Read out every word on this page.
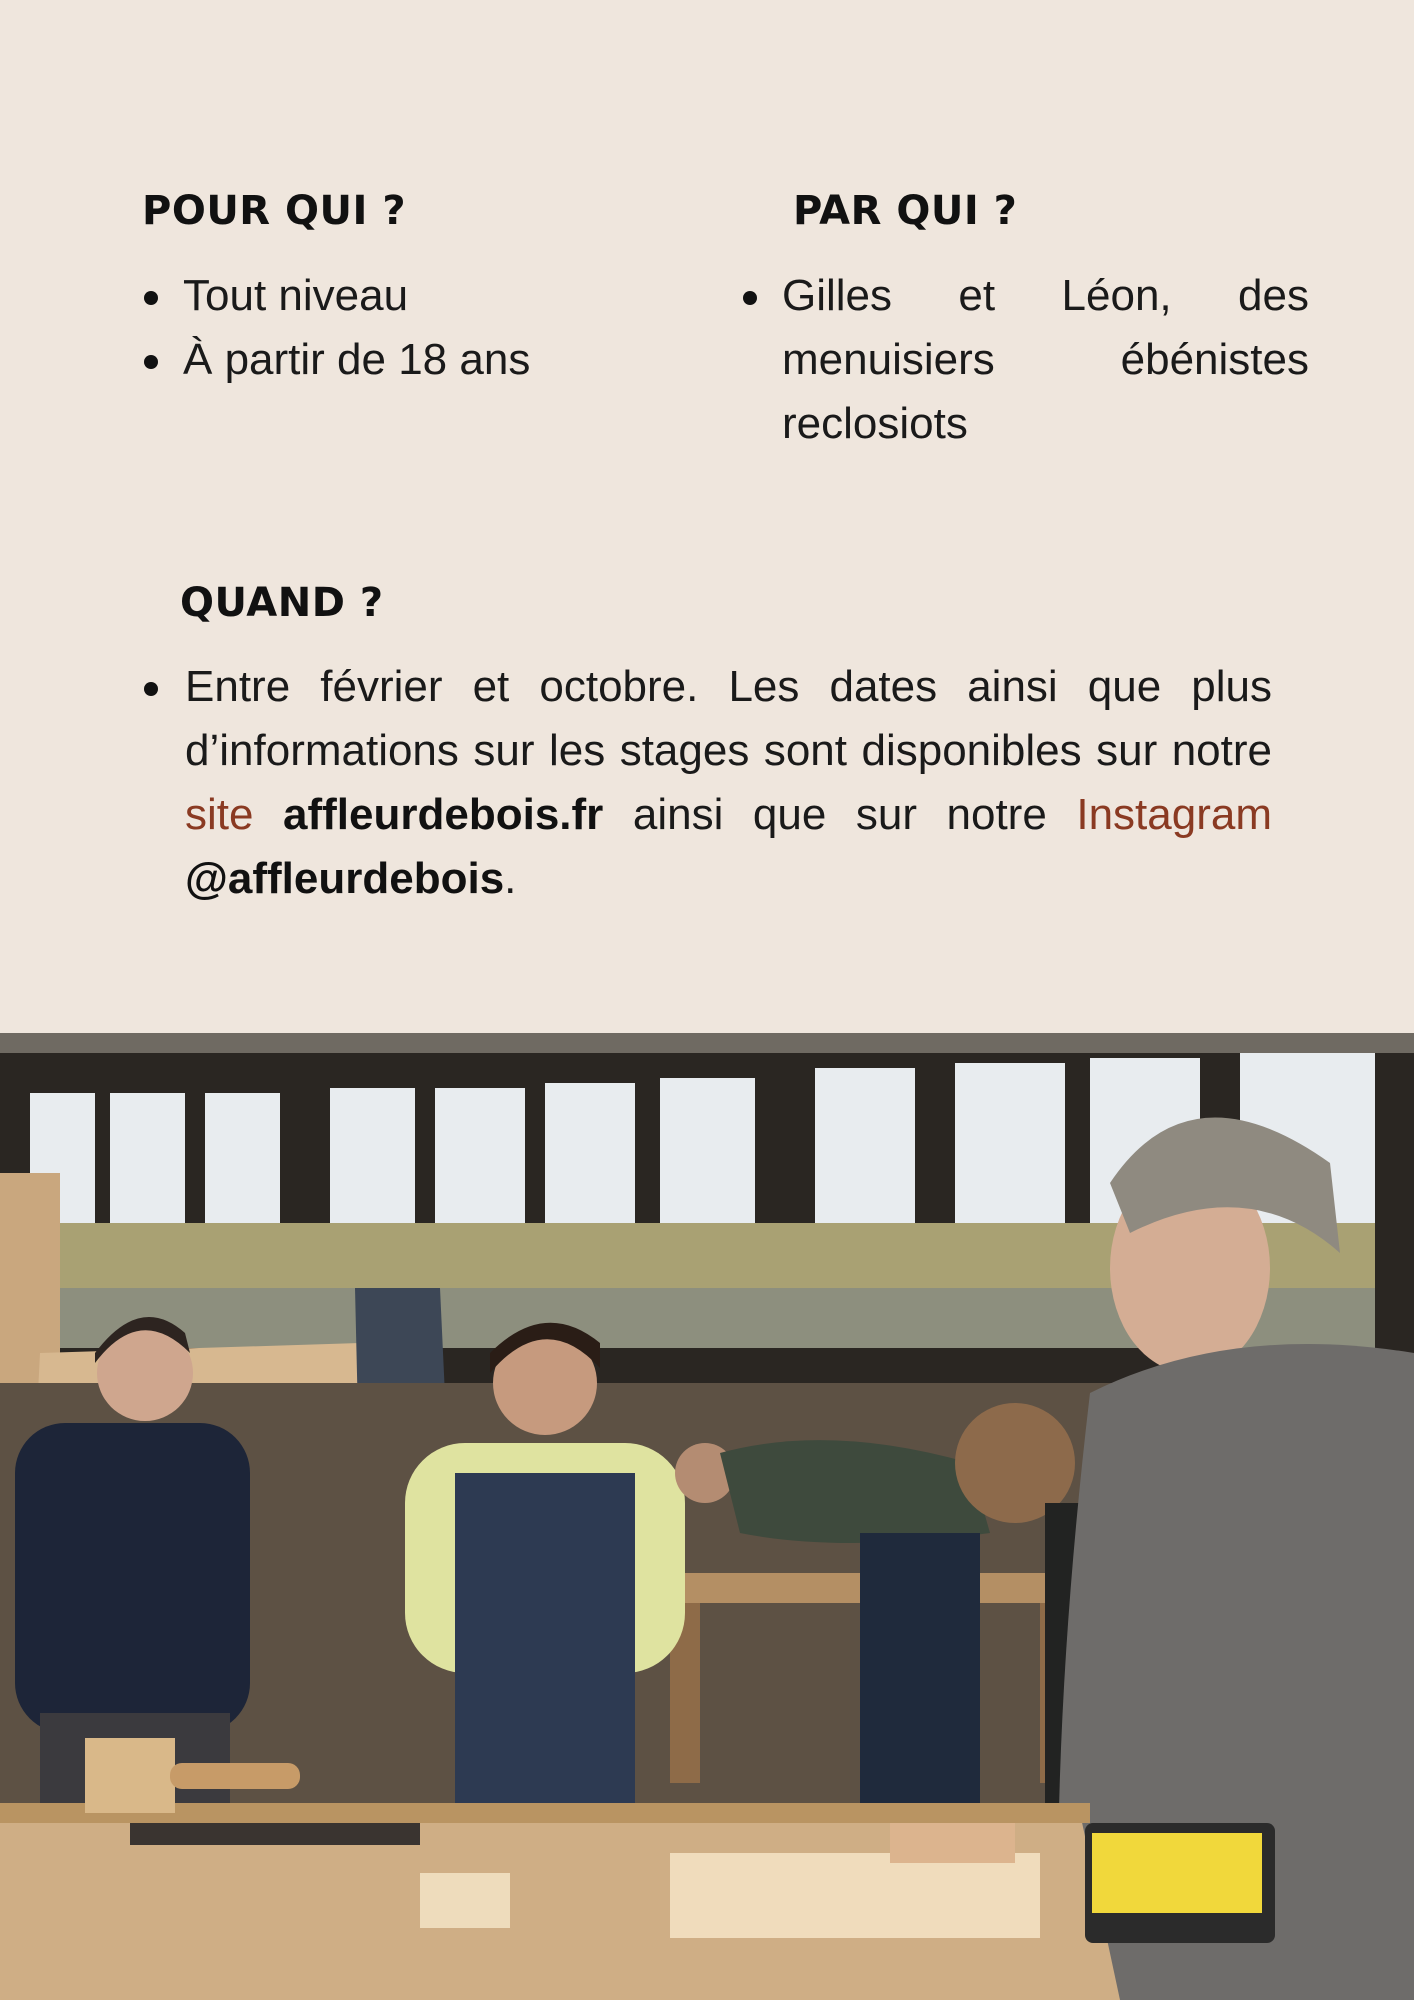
POUR QUI ?
Tout niveau
À partir de 18 ans
PAR QUI ?
Gilles et Léon, des menuisiers ébénistes reclosiots
QUAND ?
Entre février et octobre. Les dates ainsi que plus d’informations sur les stages sont disponibles sur notre site affleurdebois.fr ainsi que sur notre Instagram @affleurdebois.
